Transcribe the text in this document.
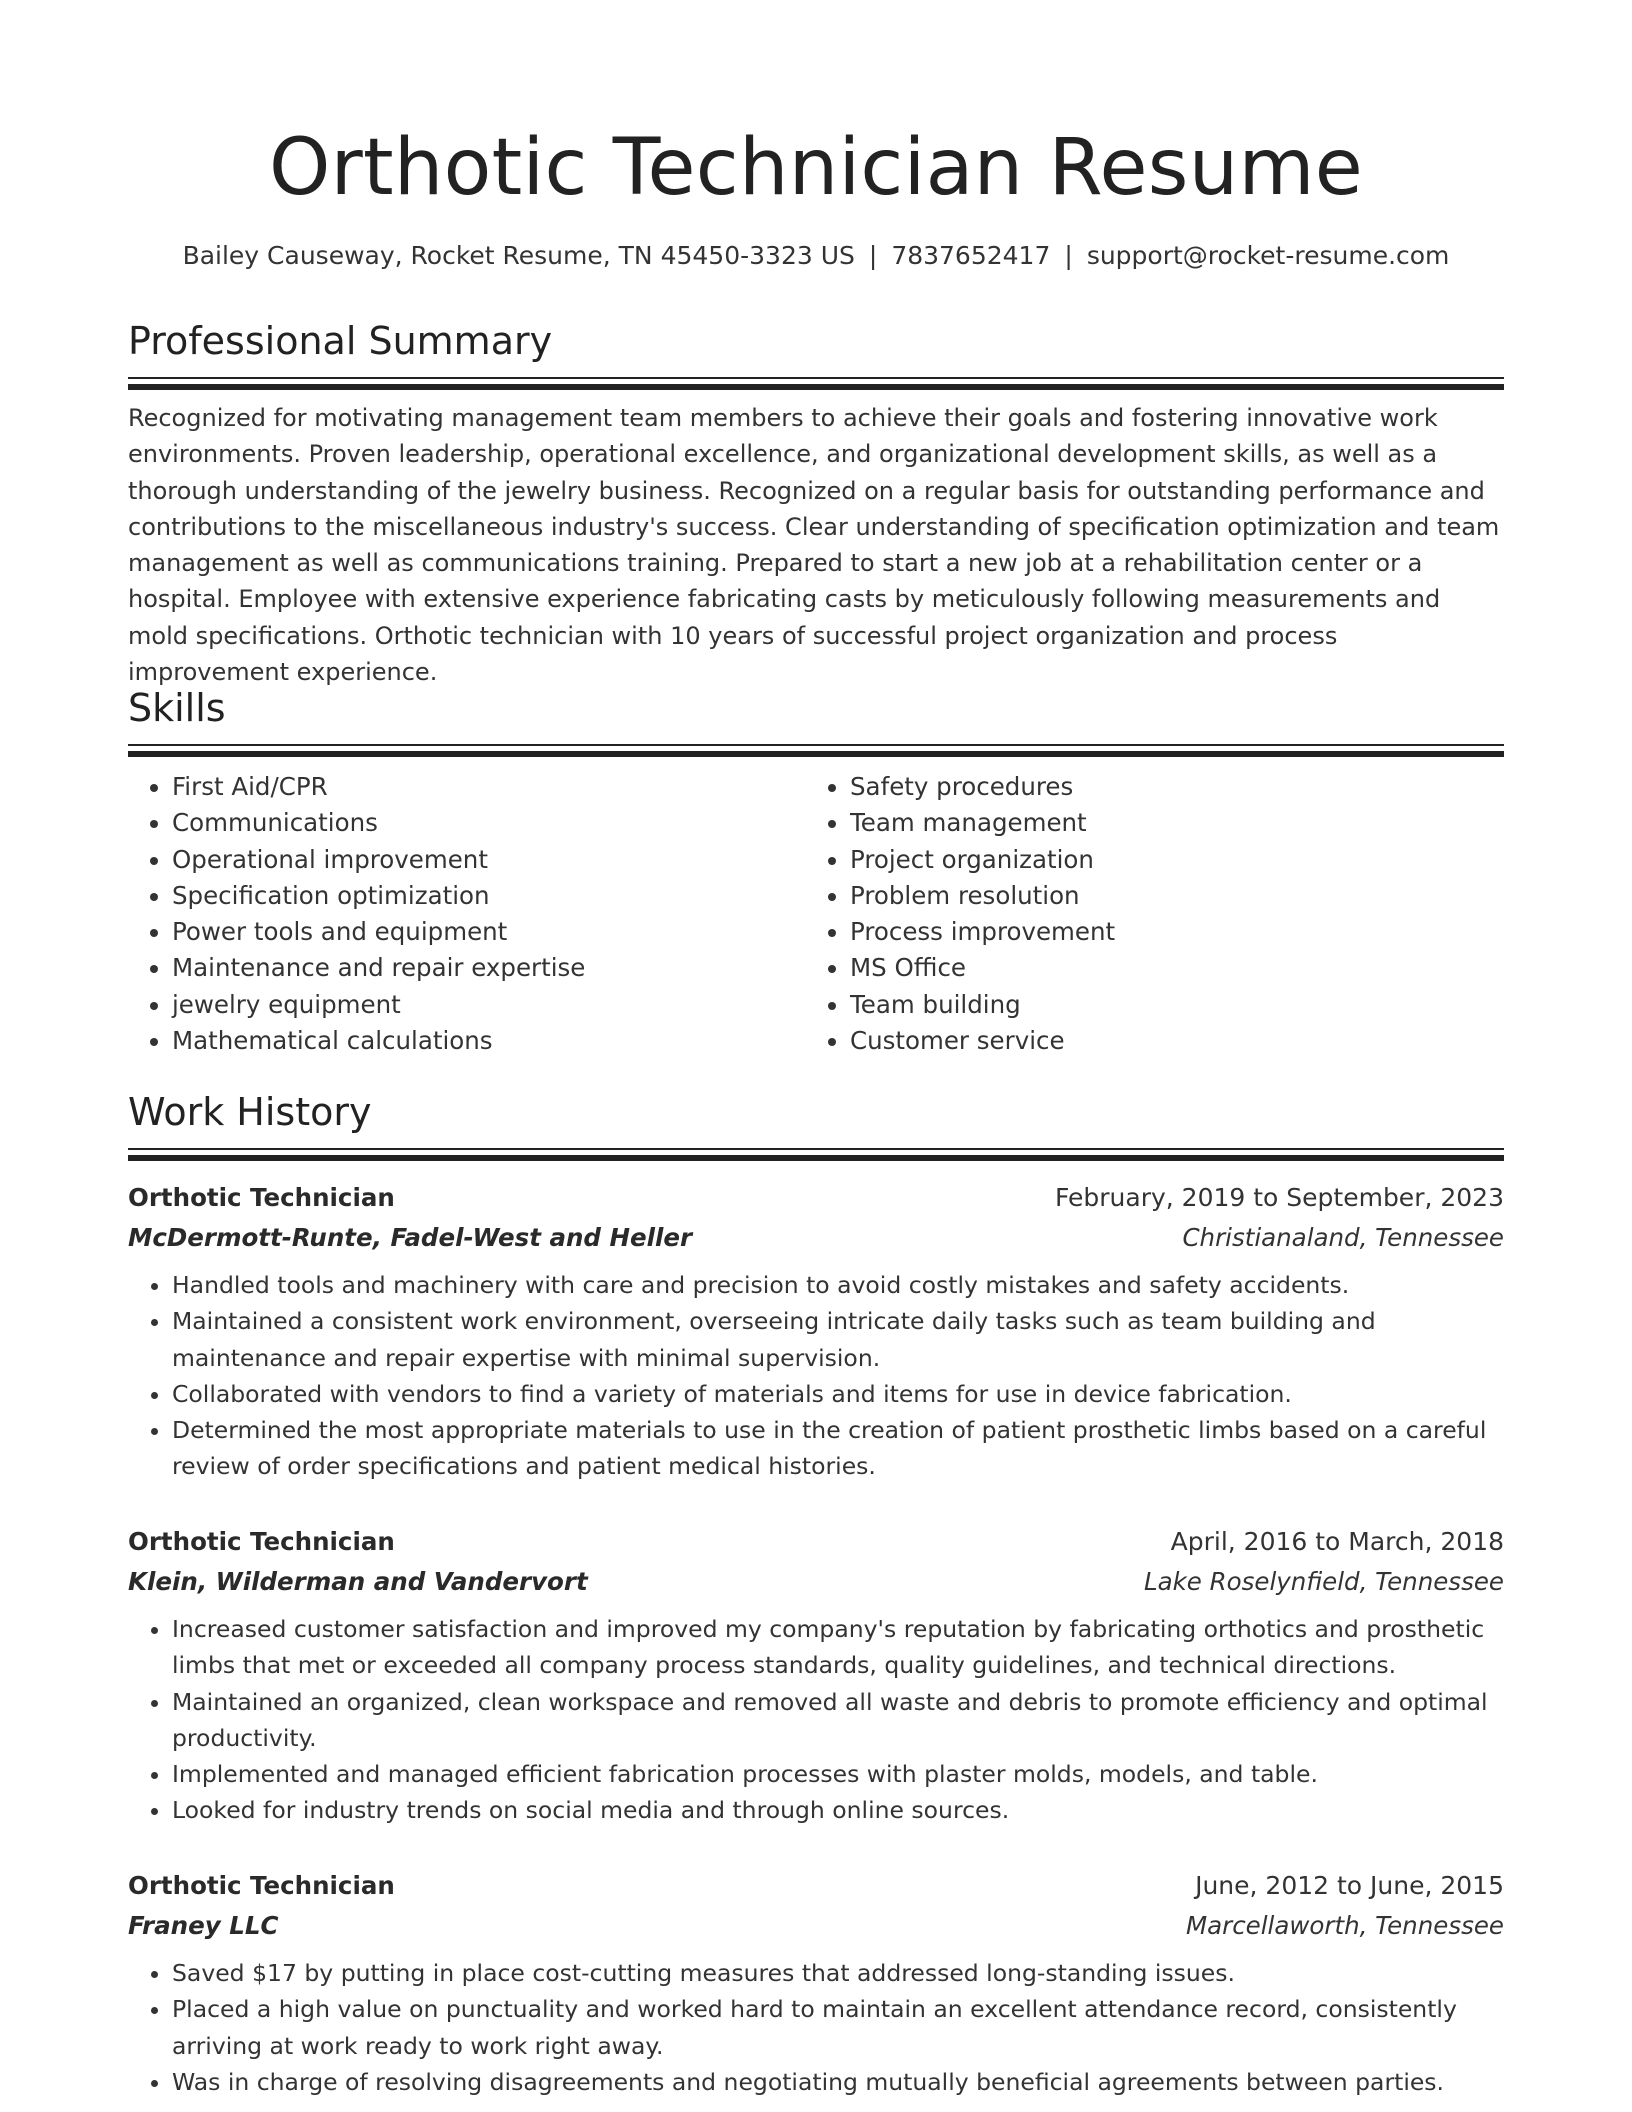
Orthotic Technician Resume
Bailey Causeway, Rocket Resume, TN 45450-3323 US | 7837652417 | support@rocket-resume.com
Professional Summary

Recognized for motivating management team members to achieve their goals and fostering innovative work environments. Proven leadership, operational excellence, and organizational development skills, as well as a thorough understanding of the jewelry business. Recognized on a regular basis for outstanding performance and contributions to the miscellaneous industry's success. Clear understanding of specification optimization and team management as well as communications training. Prepared to start a new job at a rehabilitation center or a hospital. Employee with extensive experience fabricating casts by meticulously following measurements and mold specifications. Orthotic technician with 10 years of successful project organization and process improvement experience.

Skills
• First Aid/CPR
• Communications
• Operational improvement
• Specification optimization
• Power tools and equipment
• Maintenance and repair expertise
• jewelry equipment
• Mathematical calculations
• Safety procedures
• Team management
• Project organization
• Problem resolution
• Process improvement
• MS Office
• Team building
• Customer service
Work History
Orthotic Technician	February, 2019 to September, 2023
McDermott-Runte, Fadel-West and Heller	Christianaland, Tennessee
• Handled tools and machinery with care and precision to avoid costly mistakes and safety accidents.
• Maintained a consistent work environment, overseeing intricate daily tasks such as team building and maintenance and repair expertise with minimal supervision.
• Collaborated with vendors to find a variety of materials and items for use in device fabrication.
• Determined the most appropriate materials to use in the creation of patient prosthetic limbs based on a careful review of order specifications and patient medical histories.
Orthotic Technician	April, 2016 to March, 2018
Klein, Wilderman and Vandervort	Lake Roselynfield, Tennessee
• Increased customer satisfaction and improved my company's reputation by fabricating orthotics and prosthetic limbs that met or exceeded all company process standards, quality guidelines, and technical directions.
• Maintained an organized, clean workspace and removed all waste and debris to promote efficiency and optimal productivity.
• Implemented and managed efficient fabrication processes with plaster molds, models, and table.
• Looked for industry trends on social media and through online sources.
Orthotic Technician	June, 2012 to June, 2015
Franey LLC	Marcellaworth, Tennessee
• Saved $17 by putting in place cost-cutting measures that addressed long-standing issues.
• Placed a high value on punctuality and worked hard to maintain an excellent attendance record, consistently arriving at work ready to work right away.
• Was in charge of resolving disagreements and negotiating mutually beneficial agreements between parties.
